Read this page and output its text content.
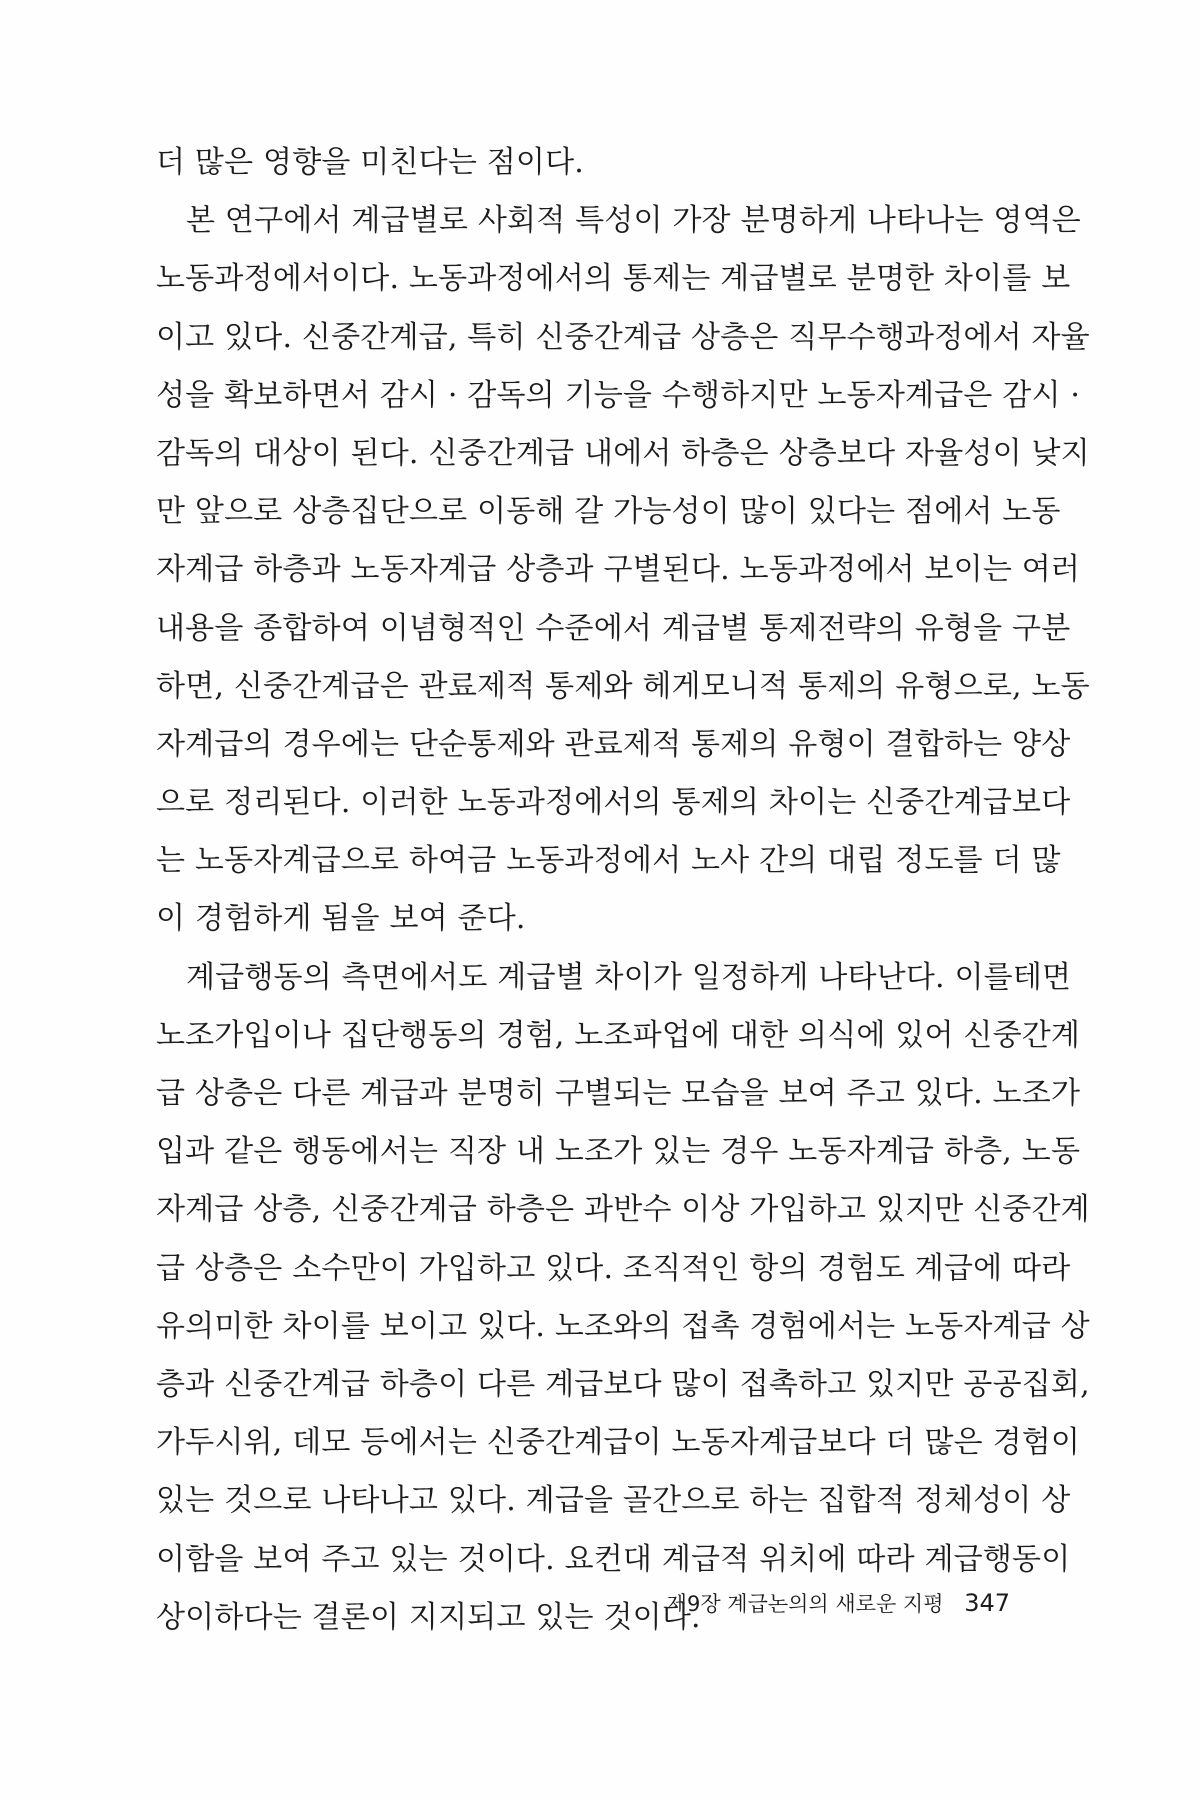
더 많은 영향을 미친다는 점이다.
본 연구에서 계급별로 사회적 특성이 가장 분명하게 나타나는 영역은
노동과정에서이다. 노동과정에서의 통제는 계급별로 분명한 차이를 보
이고 있다. 신중간계급, 특히 신중간계급 상층은 직무수행과정에서 자율
성을 확보하면서 감시 · 감독의 기능을 수행하지만 노동자계급은 감시 ·
감독의 대상이 된다. 신중간계급 내에서 하층은 상층보다 자율성이 낮지
만 앞으로 상층집단으로 이동해 갈 가능성이 많이 있다는 점에서 노동
자계급 하층과 노동자계급 상층과 구별된다. 노동과정에서 보이는 여러
내용을 종합하여 이념형적인 수준에서 계급별 통제전략의 유형을 구분
하면, 신중간계급은 관료제적 통제와 헤게모니적 통제의 유형으로, 노동
자계급의 경우에는 단순통제와 관료제적 통제의 유형이 결합하는 양상
으로 정리된다. 이러한 노동과정에서의 통제의 차이는 신중간계급보다
는 노동자계급으로 하여금 노동과정에서 노사 간의 대립 정도를 더 많
이 경험하게 됨을 보여 준다.
계급행동의 측면에서도 계급별 차이가 일정하게 나타난다. 이를테면
노조가입이나 집단행동의 경험, 노조파업에 대한 의식에 있어 신중간계
급 상층은 다른 계급과 분명히 구별되는 모습을 보여 주고 있다. 노조가
입과 같은 행동에서는 직장 내 노조가 있는 경우 노동자계급 하층, 노동
자계급 상층, 신중간계급 하층은 과반수 이상 가입하고 있지만 신중간계
급 상층은 소수만이 가입하고 있다. 조직적인 항의 경험도 계급에 따라
유의미한 차이를 보이고 있다. 노조와의 접촉 경험에서는 노동자계급 상
층과 신중간계급 하층이 다른 계급보다 많이 접촉하고 있지만 공공집회,
가두시위, 데모 등에서는 신중간계급이 노동자계급보다 더 많은 경험이
있는 것으로 나타나고 있다. 계급을 골간으로 하는 집합적 정체성이 상
이함을 보여 주고 있는 것이다. 요컨대 계급적 위치에 따라 계급행동이
상이하다는 결론이 지지되고 있는 것이다.
제9장 계급논의의 새로운 지평 347
